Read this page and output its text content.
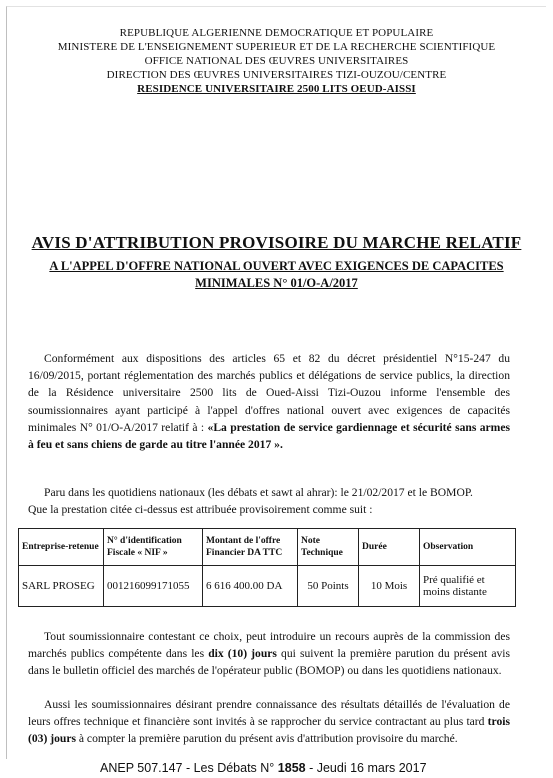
REPUBLIQUE ALGERIENNE DEMOCRATIQUE ET POPULAIRE
MINISTERE DE L'ENSEIGNEMENT SUPERIEUR ET DE LA RECHERCHE SCIENTIFIQUE
OFFICE NATIONAL DES ŒUVRES UNIVERSITAIRES
DIRECTION DES ŒUVRES UNIVERSITAIRES TIZI-OUZOU/CENTRE
RESIDENCE UNIVERSITAIRE 2500 LITS OEUD-AISSI
AVIS D'ATTRIBUTION PROVISOIRE DU MARCHE RELATIF
A L'APPEL D'OFFRE NATIONAL OUVERT AVEC EXIGENCES DE CAPACITES
MINIMALES N° 01/O-A/2017

Conformément aux dispositions des articles 65 et 82 du décret présidentiel N°15-247 du 16/09/2015, portant réglementation des marchés publics et délégations de service publics, la direction de la Résidence universitaire 2500 lits de Oued-Aissi Tizi-Ouzou informe l'ensemble des soumissionnaires ayant participé à l'appel d'offres national ouvert avec exigences de capacités minimales N° 01/O-A/2017 relatif à : «La prestation de service gardiennage et sécurité sans armes à feu et sans chiens de garde au titre l'année 2017 ».

Paru dans les quotidiens nationaux (les débats et sawt al ahrar): le 21/02/2017 et le BOMOP.
Que la prestation citée ci-dessus est attribuée provisoirement comme suit :
Entreprise-retenue	N° d'identification Fiscale « NIF »	Montant de l'offre Financier DA TTC	Note Technique	Durée	Observation
SARL PROSEG	001216099171055	6 616 400.00 DA	50 Points	10 Mois	Pré qualifié et moins distante

Tout soumissionnaire contestant ce choix, peut introduire un recours auprès de la commission des marchés publics compétente dans les dix (10) jours qui suivent la première parution du présent avis dans le bulletin officiel des marchés de l'opérateur public (BOMOP) ou dans les quotidiens nationaux.

Aussi les soumissionnaires désirant prendre connaissance des résultats détaillés de l'évaluation de leurs offres technique et financière sont invités à se rapprocher du service contractant au plus tard trois (03) jours à compter la première parution du présent avis d'attribution provisoire du marché.

ANEP 507.147 - Les Débats N° 1858 - Jeudi 16 mars 2017
